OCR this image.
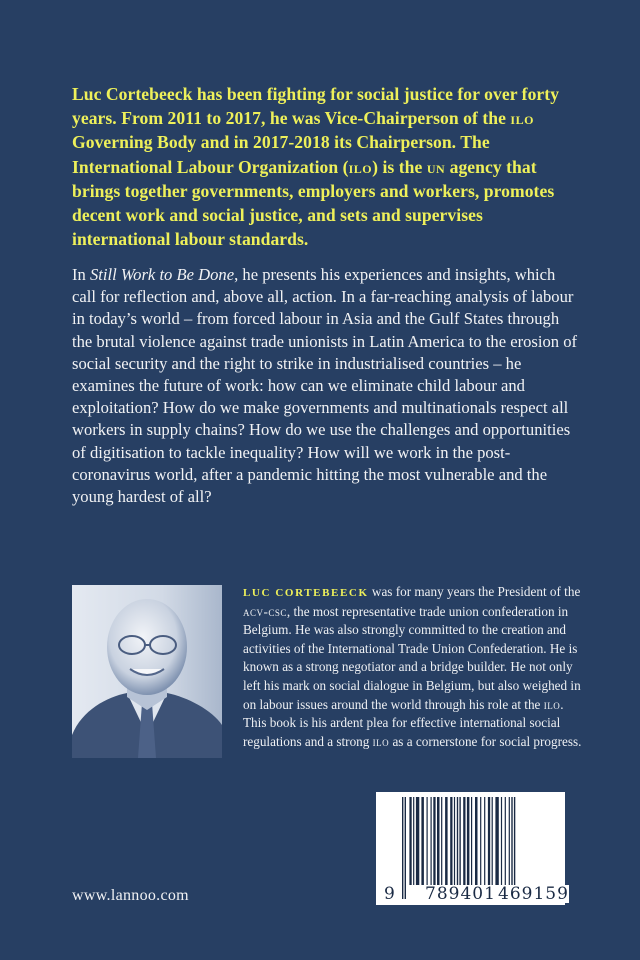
Luc Cortebeeck has been fighting for social justice for over forty years. From 2011 to 2017, he was Vice-Chairperson of the ilo Governing Body and in 2017-2018 its Chairperson. The International Labour Organization (ilo) is the un agency that brings together governments, employers and workers, promotes decent work and social justice, and sets and supervises international labour standards.

In Still Work to Be Done, he presents his experiences and insights, which call for reflection and, above all, action. In a far-reaching analysis of labour in today’s world – from forced labour in Asia and the Gulf States through the brutal violence against trade unionists in Latin America to the erosion of social security and the right to strike in industrialised countries – he examines the future of work: how can we eliminate child labour and exploitation? How do we make governments and multinationals respect all workers in supply chains? How do we use the challenges and opportunities of digitisation to tackle inequality? How will we work in the post-coronavirus world, after a pandemic hitting the most vulnerable and the young hardest of all?

LUC CORTEBEECK was for many years the President of the acv-csc, the most representative trade union confederation in Belgium. He was also strongly committed to the creation and activities of the International Trade Union Confederation. He is known as a strong negotiator and a bridge builder. He not only left his mark on social dialogue in Belgium, but also weighed in on labour issues around the world through his role at the ilo. This book is his ardent plea for effective international social regulations and a strong ilo as a cornerstone for social progress.

9 789401 469159
www.lannoo.com
